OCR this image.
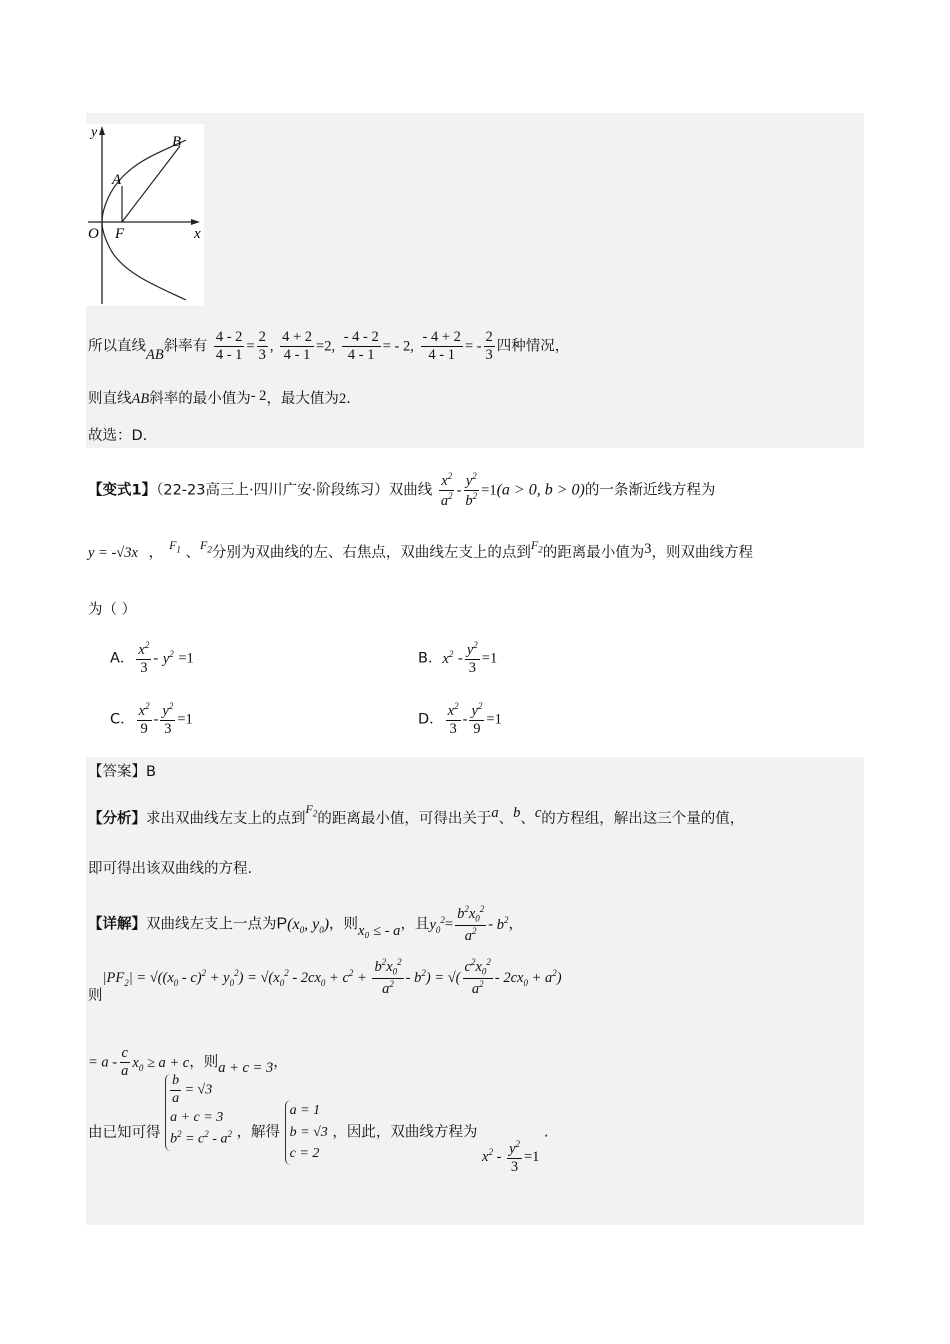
y
x
O F
A
B
所以直线AB斜率有 $\frac{4 - 2}{4 - 1} = \frac{2}{3}$ , $\frac{4 + 2}{4 - 1} =2$, $\frac{- 4 - 2}{4 - 1}$ = - 2, $\frac{- 4 + 2}{4 - 1}$ = - $\frac{2}{3}$ 四种情况，
则直线AB斜率的最小值为- 2，最大值为2.
故选：D.
【变式1】（22-23高三上·四川广安·阶段练习）双曲线 $\frac{x^2}{a^2} - \frac{y^2}{b^2} =1(a > 0$, b > 0)的一条渐近线方程为
y = -√3x ， $^{F_1}$ 、$^{F_2}$分别为双曲线的左、右焦点，双曲线左支上的点到$^{F_2}$的距离最小值为3，则双曲线方程
为（ ）
A． $\frac{x^2}{3} - y^2 =1$	B．$x^2 - \frac{y^2}{3} =1$
C． $\frac{x^2}{9} - \frac{y^2}{3} =1$	D． $\frac{x^2}{3} - \frac{y^2}{9} =1$
【答案】B
【分析】求出双曲线左支上的点到$^{F_2}$的距离最小值，可得出关于a、b、c的方程组，解出这三个量的值，
即可得出该双曲线的方程.
【详解】双曲线左支上一点为$P(x_0$, $y_0$)，则x₀ ≤ - a，且$y_0^2= \frac{b^2x_0^2}{a^2} - b^2$，
则$|PF_2| = √((x_0 - c)^2 + y_0^2) = √(x_0^2 - 2cx_0 + c^2 + \frac{b^2x_0^2}{a^2} - b^2)$ = √( $\frac{c^2x_0^2}{a^2} - 2cx_0 + a^2$)
= $a - \frac{c}{a} x_0 \ge a + c$，则a + c = 3，
由已知可得
$\frac{b}{a} = √3$
a + c = 3
$b^2 = c^2 - a^2$ ，解得 a = 1
b = √3
c = 2 ，因此，双曲线方程为 $x^2 - \frac{y^2}{3} =1$ .
